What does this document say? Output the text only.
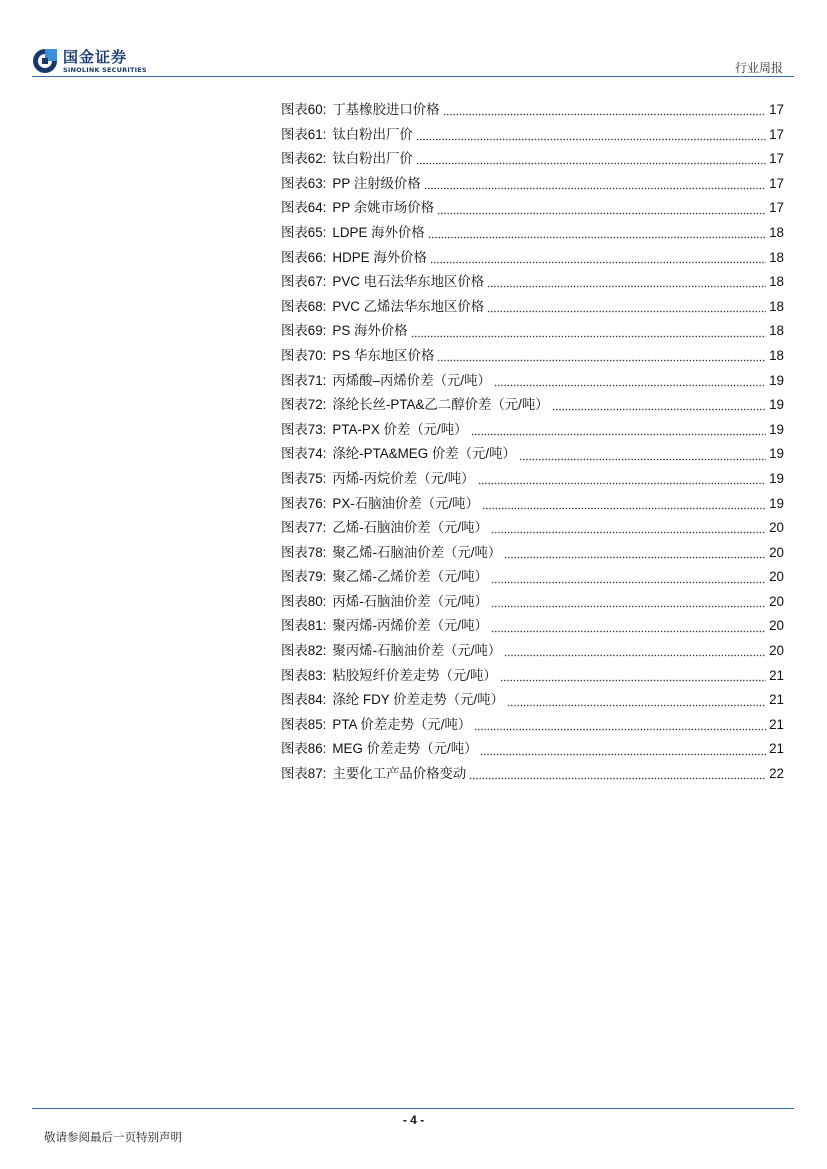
国金证券
SINOLINK SECURITIES	行业周报
图表60: 丁基橡胶进口价格	17
图表61: 钛白粉出厂价	17
图表62: 钛白粉出厂价	17
图表63: PP 注射级价格	17
图表64: PP 余姚市场价格	17
图表65: LDPE 海外价格	18
图表66: HDPE 海外价格	18
图表67: PVC 电石法华东地区价格	18
图表68: PVC 乙烯法华东地区价格	18
图表69: PS 海外价格	18
图表70: PS 华东地区价格	18
图表71: 丙烯酸–丙烯价差（元/吨）	19
图表72: 涤纶长丝-PTA&乙二醇价差（元/吨）	19
图表73: PTA-PX 价差（元/吨）	19
图表74: 涤纶-PTA&MEG 价差（元/吨）	19
图表75: 丙烯-丙烷价差（元/吨）	19
图表76: PX-石脑油价差（元/吨）	19
图表77: 乙烯-石脑油价差（元/吨）	20
图表78: 聚乙烯-石脑油价差（元/吨）	20
图表79: 聚乙烯-乙烯价差（元/吨）	20
图表80: 丙烯-石脑油价差（元/吨）	20
图表81: 聚丙烯-丙烯价差（元/吨）	20
图表82: 聚丙烯-石脑油价差（元/吨）	20
图表83: 粘胶短纤价差走势（元/吨）	21
图表84: 涤纶 FDY 价差走势（元/吨）	21
图表85: PTA 价差走势（元/吨）	21
图表86: MEG 价差走势（元/吨）	21
图表87: 主要化工产品价格变动	22
- 4 -
敬请参阅最后一页特别声明
